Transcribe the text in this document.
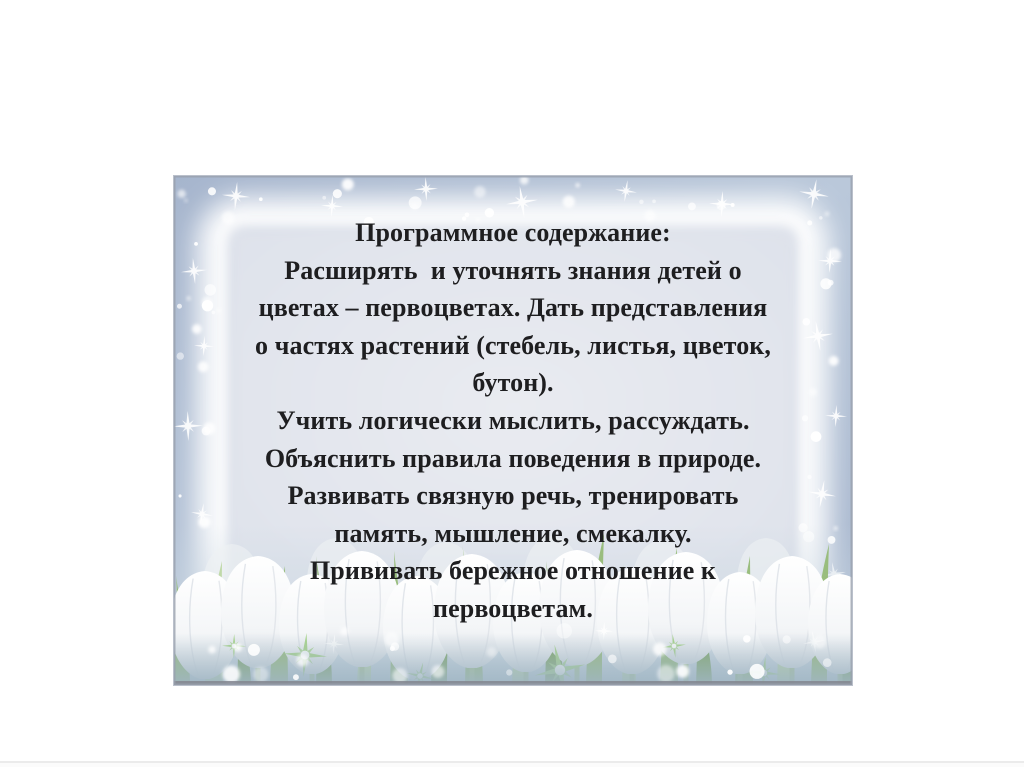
Программное содержание:
Расширять  и уточнять знания детей о
цветах – первоцветах. Дать представления
о частях растений (стебель, листья, цветок,
бутон).
Учить логически мыслить, рассуждать.
Объяснить правила поведения в природе.
Развивать связную речь, тренировать
память, мышление, смекалку.
Прививать бережное отношение к
первоцветам.
